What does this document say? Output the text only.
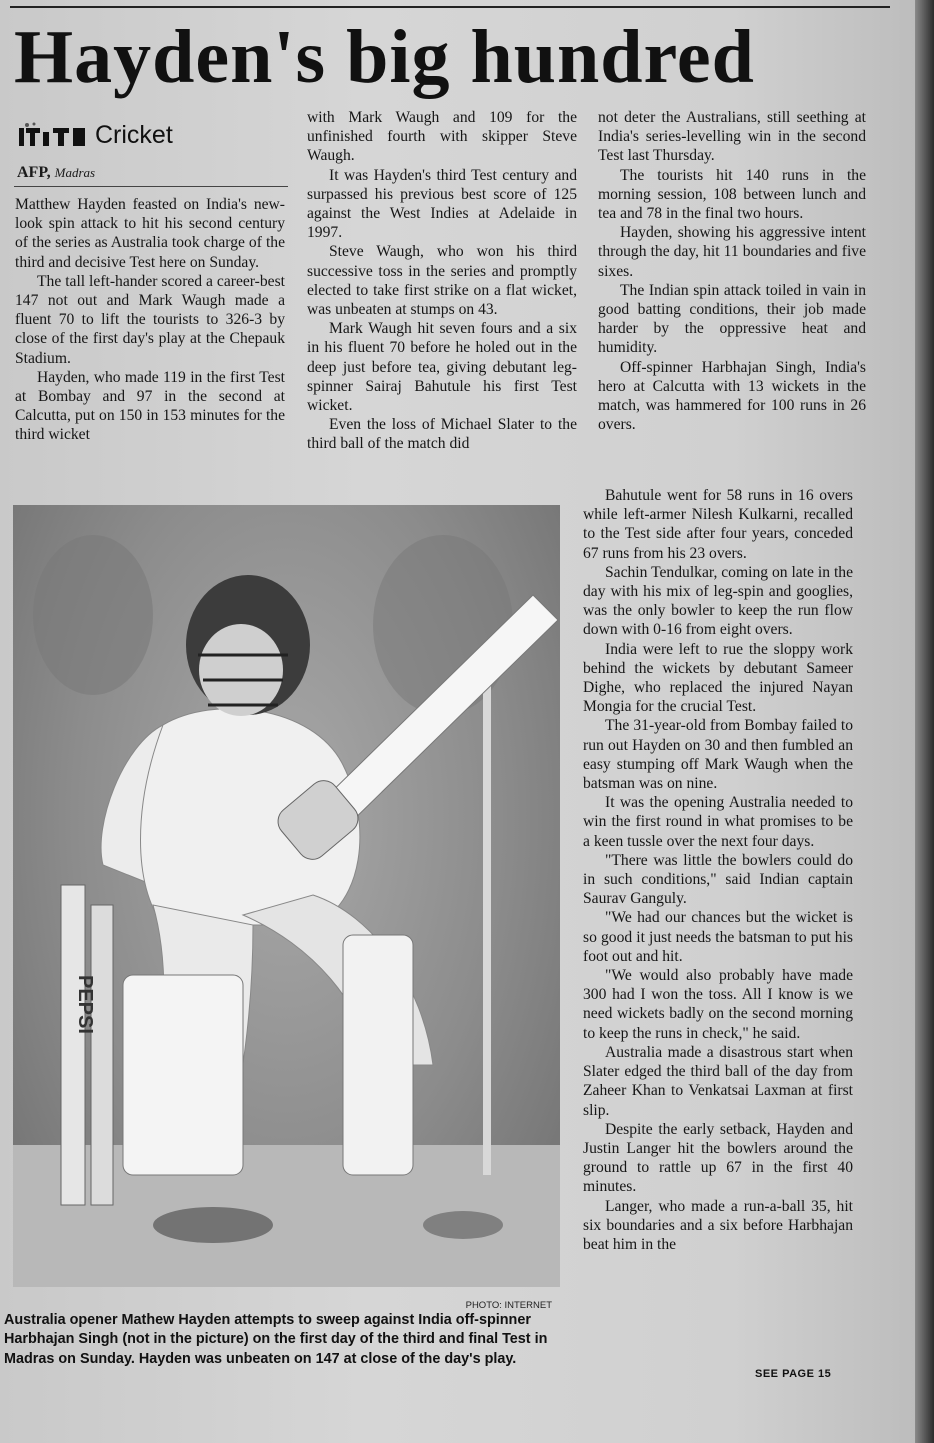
Hayden's big hundred
Cricket
AFP, Madras

Matthew Hayden feasted on India's new-look spin attack to hit his second century of the series as Australia took charge of the third and decisive Test here on Sunday.

The tall left-hander scored a career-best 147 not out and Mark Waugh made a fluent 70 to lift the tourists to 326-3 by close of the first day's play at the Chepauk Stadium.

Hayden, who made 119 in the first Test at Bombay and 97 in the second at Calcutta, put on 150 in 153 minutes for the third wicket

with Mark Waugh and 109 for the unfinished fourth with skipper Steve Waugh.

It was Hayden's third Test century and surpassed his previous best score of 125 against the West Indies at Adelaide in 1997.

Steve Waugh, who won his third successive toss in the series and promptly elected to take first strike on a flat wicket, was unbeaten at stumps on 43.

Mark Waugh hit seven fours and a six in his fluent 70 before he holed out in the deep just before tea, giving debutant leg-spinner Sairaj Bahutule his first Test wicket.

Even the loss of Michael Slater to the third ball of the match did

not deter the Australians, still seething at India's series-levelling win in the second Test last Thursday.

The tourists hit 140 runs in the morning session, 108 between lunch and tea and 78 in the final two hours.

Hayden, showing his aggressive intent through the day, hit 11 boundaries and five sixes.

The Indian spin attack toiled in vain in good batting conditions, their job made harder by the oppressive heat and humidity.

Off-spinner Harbhajan Singh, India's hero at Calcutta with 13 wickets in the match, was hammered for 100 runs in 26 overs.

Bahutule went for 58 runs in 16 overs while left-armer Nilesh Kulkarni, recalled to the Test side after four years, conceded 67 runs from his 23 overs.

Sachin Tendulkar, coming on late in the day with his mix of leg-spin and googlies, was the only bowler to keep the run flow down with 0-16 from eight overs.

India were left to rue the sloppy work behind the wickets by debutant Sameer Dighe, who replaced the injured Nayan Mongia for the crucial Test.

The 31-year-old from Bombay failed to run out Hayden on 30 and then fumbled an easy stumping off Mark Waugh when the batsman was on nine.

It was the opening Australia needed to win the first round in what promises to be a keen tussle over the next four days.

"There was little the bowlers could do in such conditions," said Indian captain Saurav Ganguly.

"We had our chances but the wicket is so good it just needs the batsman to put his foot out and hit.

"We would also probably have made 300 had I won the toss. All I know is we need wickets badly on the second morning to keep the runs in check," he said.

Australia made a disastrous start when Slater edged the third ball of the day from Zaheer Khan to Venkatsai Laxman at first slip.

Despite the early setback, Hayden and Justin Langer hit the bowlers around the ground to rattle up 67 in the first 40 minutes.

Langer, who made a run-a-ball 35, hit six boundaries and a six before Harbhajan beat him in the

PEPSI
PHOTO: INTERNET

Australia opener Mathew Hayden attempts to sweep against India off-spinner Harbhajan Singh (not in the picture) on the first day of the third and final Test in Madras on Sunday. Hayden was unbeaten on 147 at close of the day's play.

SEE PAGE 15
